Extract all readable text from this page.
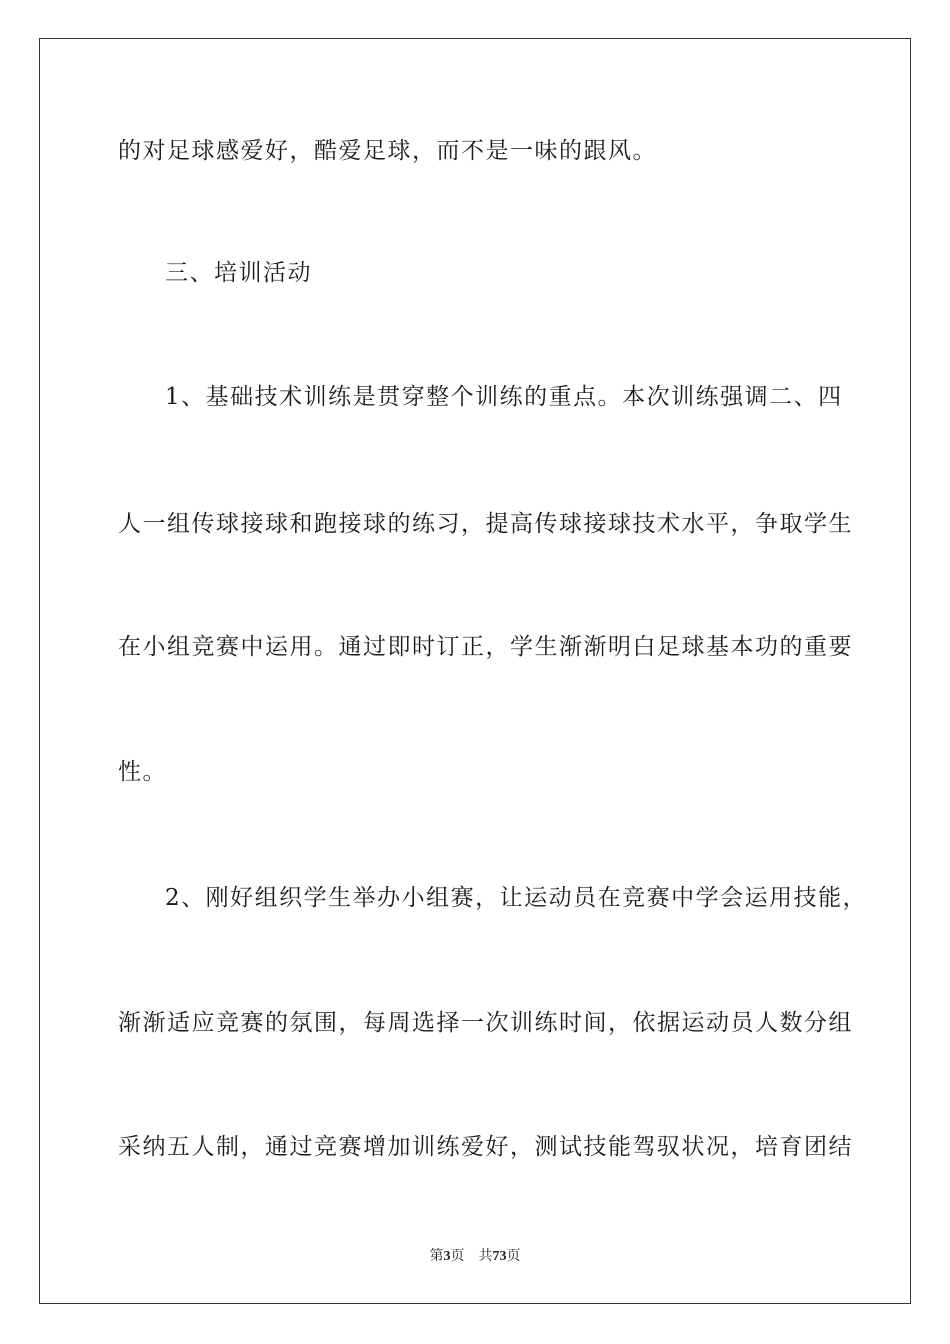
的对足球感爱好，酷爱足球，而不是一味的跟风。
三、培训活动
1、基础技术训练是贯穿整个训练的重点。本次训练强调二、四
人一组传球接球和跑接球的练习，提高传球接球技术水平，争取学生
在小组竞赛中运用。通过即时订正，学生渐渐明白足球基本功的重要
性。
2、刚好组织学生举办小组赛，让运动员在竞赛中学会运用技能，
渐渐适应竞赛的氛围，每周选择一次训练时间，依据运动员人数分组
采纳五人制，通过竞赛增加训练爱好，测试技能驾驭状况，培育团结
第3页 共73页
